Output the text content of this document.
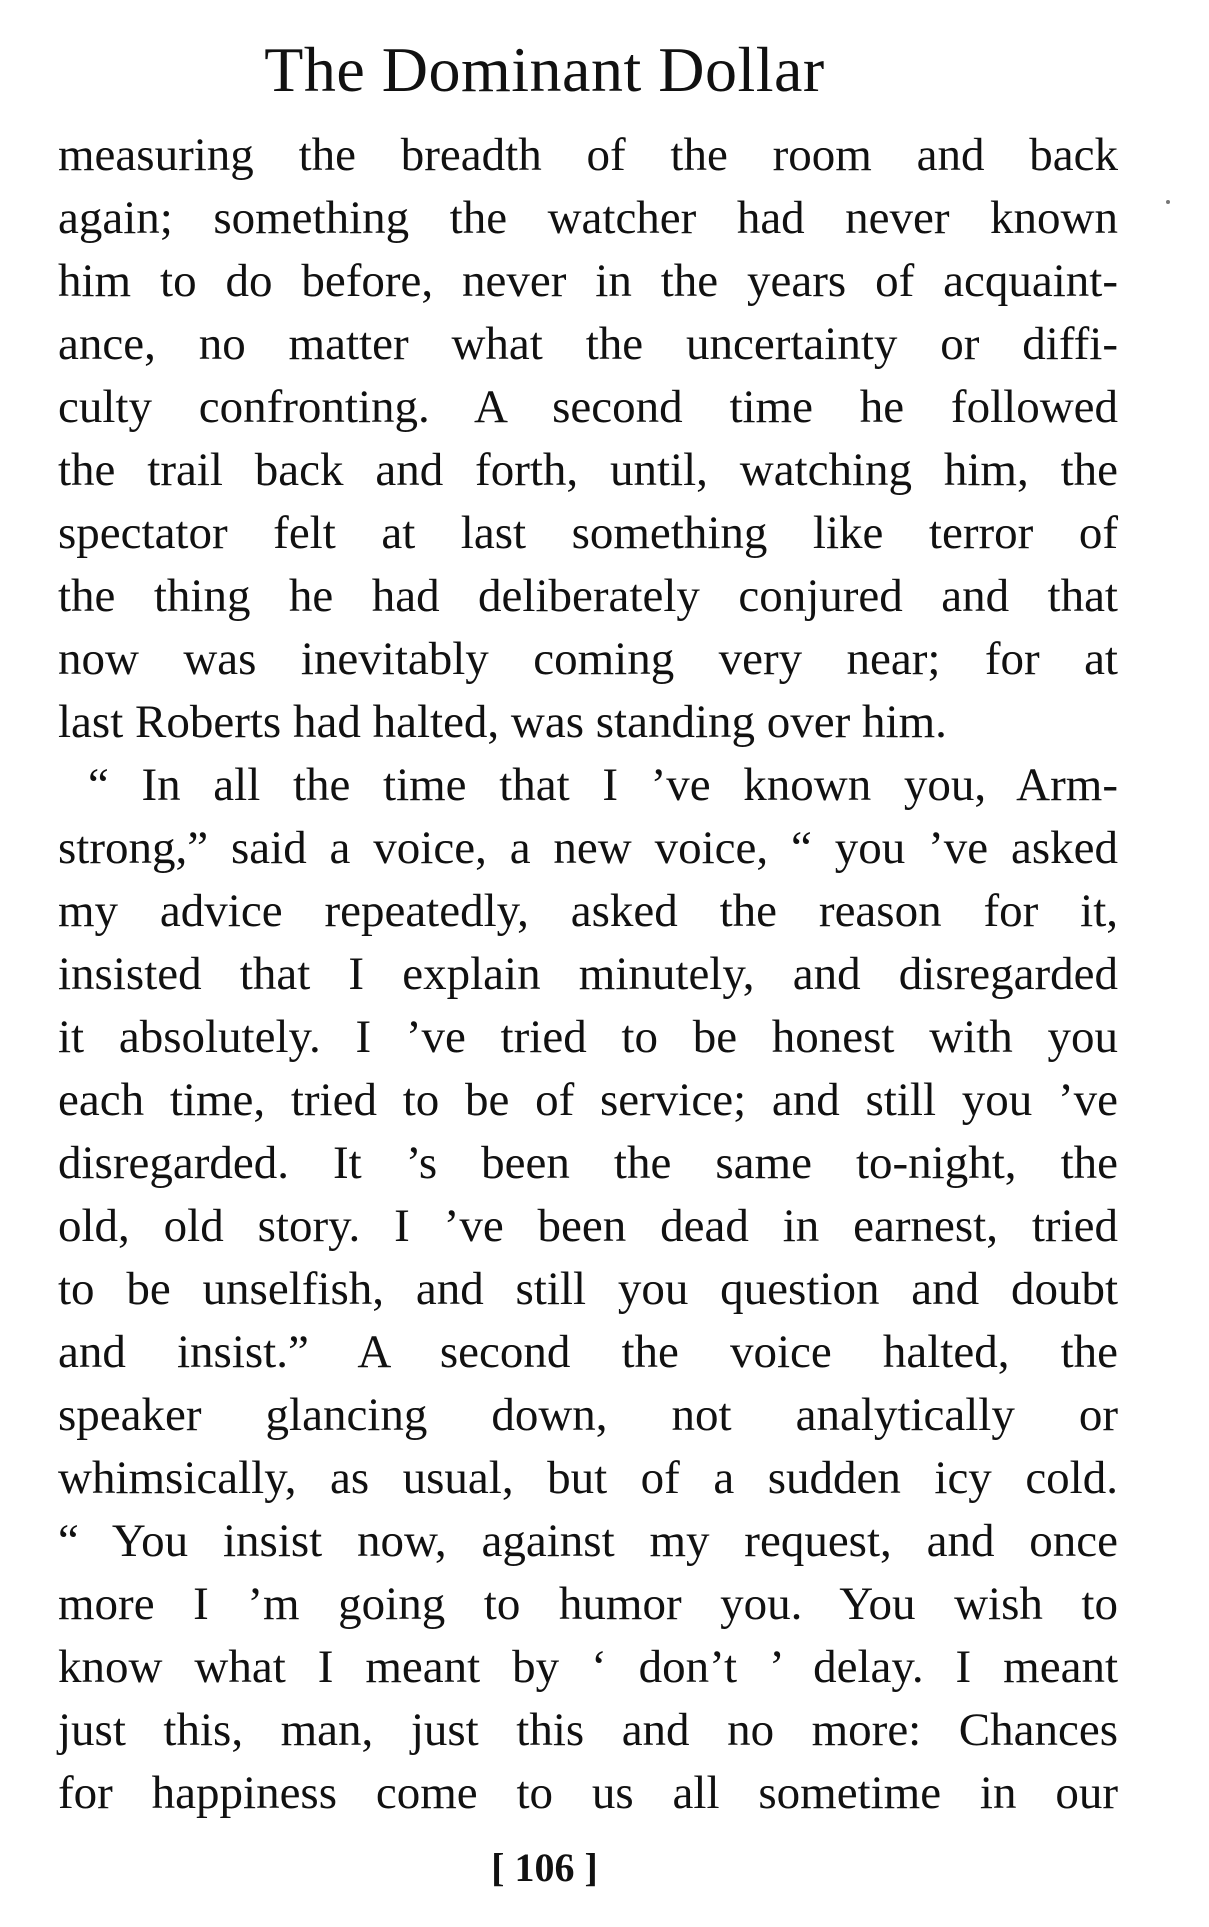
The Dominant Dollar
measuring the breadth of the room and back
again; something the watcher had never known
him to do before, never in the years of acquaint-
ance, no matter what the uncertainty or diffi-
culty confronting. A second time he followed
the trail back and forth, until, watching him, the
spectator felt at last something like terror of
the thing he had deliberately conjured and that
now was inevitably coming very near; for at
last Roberts had halted, was standing over him.
“ In all the time that I ’ve known you, Arm-
strong,” said a voice, a new voice, “ you ’ve asked
my advice repeatedly, asked the reason for it,
insisted that I explain minutely, and disregarded
it absolutely. I ’ve tried to be honest with you
each time, tried to be of service; and still you ’ve
disregarded. It ’s been the same to-night, the
old, old story. I ’ve been dead in earnest, tried
to be unselfish, and still you question and doubt
and insist.” A second the voice halted, the
speaker glancing down, not analytically or
whimsically, as usual, but of a sudden icy cold.
“ You insist now, against my request, and once
more I ’m going to humor you. You wish to
know what I meant by ‘ don’t ’ delay. I meant
just this, man, just this and no more: Chances
for happiness come to us all sometime in our
[ 106 ]
